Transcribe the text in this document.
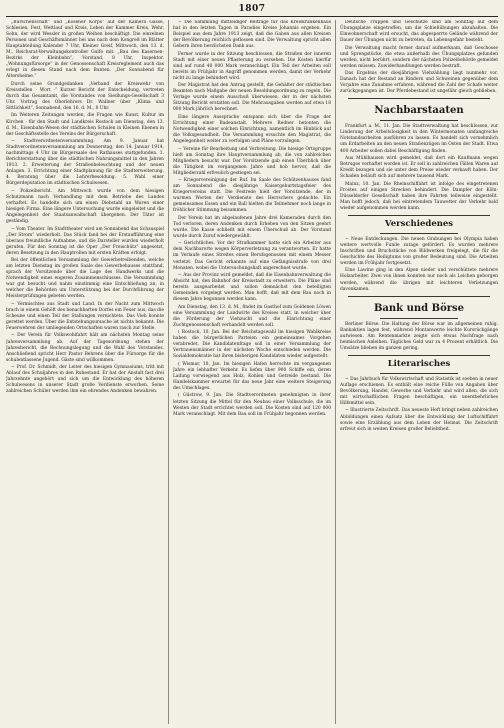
1807

„Burschenschaft“ und „Kösener Korps“ auf der Kamera Gasse, Schlesien, Fest, Wettlauf und Kreis, Leben der Kammer Kreis, Wehr, Sohn, der wird Wessler in großen Weihen beschäftigt. Die einzelnen Personen und Geschäftsmänner bei uns nach dem Kongreß im Blätter Hauptabteilung Kalender 7 Uhr, Kleiner Greif, Mittwoch, den 13. d. M., Reichsrat-Verwaltungskontroller Gulfo mit: „Bau des Kasernen-Bezirks der Kleinbahn“, Vorstand, 8 Uhr, Inspektor. „Wohnungsfürsorge“ in der Genossenschaft Kreisreglement auch das erlegt in diesen Stand nach dem Bunten. „Der Sonnabend für Altersheime.“

Durch seine Grundgedanken „Verband der Kreiswehr von Kreisstellen · Wort ·“ Kurzer Bericht der Entscheidung, vertreten durch das Gesamtamt, die Vorstandes von Siedlungs-Gesellschaft 3 Uhr. Vortrag des Oberlehrers Dr. Wallner über „Klima und Sittlichkeit“, Sonnabend, den 16. d. M., 8 Uhr.

Im Weiteren Zeitungen werden, die Fragen wie Kunst, Kultur im Kirchen · für den Stadt und Landkreis Rostock am Dienstag, den 13. d. M., Eisenbahn-Wesen der städtischen Schulen in Kleinen Ebenen in der Geschäftsstelle des Vereins der Bürgerschaft.

− Stadtverordnetenversammlung. Am 9. Januar hat Stadtverordnetenversammlung am Donnerstag, den 14. Januar 1914, nachmittags 4 Uhr im Bürgersaale des Rathauses stattgefunden. 1. Berichterstattung über die städtischen Nahrungsmittel in den Jahren 1913. 2. Erweiterung der Straßenbeleuchtung und der neuen Anlagen. 3. Errichtung einer Stadtplanung für die Stadterweiterung. 4. Beratung über die Lehrerbesoldung. 5. Wahl einer Bürgerdeputation im städtischen Schulwesen.

− Polizeibericht. Am Mittwoch wurde von dem hiesigen Schutzmann nach Verhandlung mit dem Betriebe des Landes verhaftet. Es handelte sich um einen Diebstahl an Waren einer hiesigen Firma. Eine längere Untersuchung wurde eingeleitet und die Angelegenheit der Staatsanwaltschaft übergeben. Der Täter ist geständig.

− Vom Theater. Im Stadttheater wird am Sonnabend das Schauspiel „Der Strom“ wiederholt. Das Stück fand bei der Erstaufführung eine überaus freundliche Aufnahme, und die Darsteller wurden wiederholt gerufen. Für den Sonntag ist die Oper „Der Freischütz“ angesetzt, deren Besetzung in den Hauptrollen mit ersten Kräften erfolgt.

Bei der öffentlichen Versammlung der Gewerbetreibenden, welche am letzten Dienstag im großen Saale des Gewerbehauses stattfand, sprach der Vorsitzende über die Lage des Handwerks und die Notwendigkeit eines engeren Zusammenschlusses. Die Versammlung war gut besucht und nahm einstimmig eine Entschließung an, in welcher die Behörden um Unterstützung bei der Durchführung der Meisterprüfungen gebeten werden.

− Vermischtes aus Stadt und Land. In der Nacht zum Mittwoch brach in einem Gehöft des benachbarten Dorfes ein Feuer aus, das die Scheune und einen Teil der Stallungen vernichtete. Das Vieh konnte gerettet werden. Über die Entstehungsursache ist nichts bekannt. Die Feuerwehren der umliegenden Ortschaften waren rasch zur Stelle.

− Der Verein für Volkswohlfahrt hält am nächsten Montag seine Jahresversammlung ab. Auf der Tagesordnung stehen der Jahresbericht, die Rechnungslegung und die Wahl des Vorstandes. Anschließend spricht Herr Pastor Behrens über die Fürsorge für die schulentlassene Jugend. Gäste sind willkommen.

− Prof. Dr. Schmidt, der Leiter des hiesigen Gymnasiums, tritt mit Ablauf des Schuljahres in den Ruhestand. Er hat der Anstalt fast drei Jahrzehnte angehört und sich um die Entwicklung des höheren Schulwesens in unserer Stadt große Verdienste erworben. Seine zahlreichen Schüler werden ihm ein ehrendes Andenken bewahren.

− Die Sammlung mittleidiger Beiträge für das Kreiskrankenhaus hat in den letzten Tagen in Paradies Kreise Johannis ergeben. Ein Beispiel aus dem Jahre 1913 zeigt, daß die Gaben aus allen Kreisen der Bevölkerung reichlich geflossen sind. Die Verwaltung spricht allen Gebern ihren herzlichsten Dank aus.

Ferner wurde in der Sitzung beschlossen, die Straßen der inneren Stadt mit einer neuen Pflasterung zu versehen. Die Kosten hierfür sind auf rund 40 000 Mark veranschlagt. Ein Teil der Arbeiten soll bereits im Frühjahr in Angriff genommen werden, damit der Verkehr nicht zu lange behindert wird.

Der Magistrat hat den Antrag gestellt, die Gehälter der städtischen Beamten nach Maßgabe der neuen Besoldungsordnung zu regeln. Die Vorlage wurde einem Ausschuß überwiesen, der in der nächsten Sitzung Bericht erstatten soll. Die Mehrausgaben werden auf etwa 18 000 Mark jährlich berechnet.

Eine längere Aussprache entspann sich über die Frage der Errichtung einer Badeanstalt. Mehrere Redner betonten die Notwendigkeit einer solchen Einrichtung, namentlich im Hinblick auf die Volksgesundheit. Die Versammlung ersuchte den Magistrat, die Angelegenheit weiter zu verfolgen und Pläne vorzulegen.

− Vereine für Bearbeitung und Verbreitung. Die hiesige Ortsgruppe hielt am Sonntag ihre Hauptversammlung ab, die von zahlreichen Mitgliedern besucht war. Der Vorsitzende gab einen Überblick über die Tätigkeit im vergangenen Jahre und hob hervor, daß die Mitgliederzahl erfreulich gestiegen sei.

− Kriegervereinigung der Ruf. Im Saale des Schützenhauses fand am Sonnabend die diesjährige Kaisergeburtstagsfeier des Kriegervereins statt. Die Festrede hielt der Vorsitzende, der in warmen Worten der Verdienste des Herrschers gedachte. Ein gemeinsames Essen und ein Ball hielten die Teilnehmer noch lange in fröhlicher Stimmung beisammen.

Der Verein hat im abgelaufenen Jahre drei Kameraden durch den Tod verloren, deren Andenken durch Erheben von den Sitzen geehrt wurde. Die Kasse schließt mit einem Überschuß ab. Der Vorstand wurde durch Zuruf wiedergewählt.

− Gerichtliches. Vor der Strafkammer hatte sich ein Arbeiter aus dem Nachbarorte wegen Körperverletzung zu verantworten. Er hatte im Verlaufe eines Streites einen Berufsgenossen mit einem Messer verletzt. Das Gericht erkannte auf eine Gefängnisstrafe von drei Monaten, wobei die Untersuchungshaft angerechnet wurde.

− Aus der Provinz wird gemeldet, daß die Eisenbahnverwaltung die Absicht hat, den Bahnhof der Kreisstadt zu erweitern. Die Pläne sind bereits ausgearbeitet und sollen demnächst den beteiligten Gemeinden vorgelegt werden. Man hofft, daß mit dem Bau noch in diesem Jahre begonnen werden kann.

Am Dienstag, den 13. d. M., findet im Gasthof zum Goldenen Löwen eine Versammlung der Landwirte des Kreises statt, in welcher über die Förderung der Viehzucht und die Einrichtung einer Zuchtgenossenschaft verhandelt werden soll.

( Rostock, 10. Jan. Bei der Reichstagswahl im hiesigen Wahlkreise haben die bürgerlichen Parteien ein gemeinsames Vorgehen verabredet. Die Kandidatenfrage soll in einer Versammlung der Vertrauensmänner in der nächsten Woche entschieden werden. Die Sozialdemokratie hat ihren bisherigen Kandidaten wieder aufgestellt.

( Wismar, 10. Jan. Im hiesigen Hafen herrschte im vergangenen Jahre ein lebhafter Verkehr. Es liefen über 900 Schiffe ein, deren Ladung vorwiegend aus Holz, Kohlen und Getreide bestand. Die Handelskammer erwartet für das neue Jahr eine weitere Steigerung des Umschlages.

( Güstrow, 9. Jan. Die Stadtverordneten genehmigten in ihrer letzten Sitzung die Mittel für den Neubau einer Volksschule, die im Westen der Stadt errichtet werden soll. Die Kosten sind auf 120 000 Mark veranschlagt. Mit dem Bau soll im Frühjahr begonnen werden.

Deutsche Truppen und Geschütze sind am Sonntag auf dem Übungsplatze eingetroffen, um die Schießübungen abzuhalten. Die Einwohnerschaft wird ersucht, das abgesperrte Gelände während der Dauer der Übungen nicht zu betreten, da Lebensgefahr besteht.

Die Verwaltung macht ferner darauf aufmerksam, daß Geschosse und Sprengstücke, die etwa außerhalb des Übungsplatzes gefunden werden, nicht berührt, sondern der nächsten Polizeibehörde gemeldet werden müssen. Zuwiderhandlungen werden bestraft.

Das Ergebnis der diesjährigen Viehzählung liegt nunmehr vor. Danach hat der Bestand an Rindern und Schweinen gegenüber dem Vorjahre eine Zunahme erfahren, während die Zahl der Schafe weiter zurückgegangen ist. Der Pferdebestand ist ungefähr gleich geblieben.

Nachbarstaaten

Frankfurt a. M., 11. Jan. Die Stadtverwaltung hat beschlossen, zur Linderung der Arbeitslosigkeit in den Wintermonaten umfangreiche Notstandsarbeiten ausführen zu lassen. Es handelt sich vornehmlich um Erdarbeiten an den neuen Straßenzügen im Osten der Stadt. Etwa 400 Arbeiter sollen dabei Beschäftigung finden.

Aus Mühlhausen wird gemeldet, daß dort ein Kaufmann wegen Betruges verhaftet worden ist. Er soll in zahlreichen Fällen Waren auf Kredit bezogen und sie unter dem Preise wieder verkauft haben. Der Schaden beläuft sich auf mehrere tausend Mark.

Mainz, 10. Jan. Die Rheinschiffahrt ist infolge des eingetretenen Frostes auf einigen Strecken behindert. Die Dampfer der Köln-Düsseldorfer Gesellschaft haben ihre Fahrten teilweise eingestellt. Man hofft jedoch, daß bei eintretendem Tauwetter der Verkehr bald wieder aufgenommen werden kann.

Verschiedenes

− Neue Entdeckungen. Die neuen Grabungen bei Olympia haben weitere wertvolle Funde zutage gefördert. Es wurden mehrere Inschriften und Bruchstücke von Bildwerken freigelegt, die für die Geschichte des Heiligtums von großer Bedeutung sind. Die Arbeiten werden im Frühjahr fortgesetzt.

Eine Lawine ging in den Alpen nieder und verschüttete mehrere Holzarbeiter. Zwei von ihnen konnten nur noch als Leichen geborgen werden, während die übrigen mit leichteren Verletzungen davonkamen.

Bank und Börse

Berliner Börse. Die Haltung der Börse war im allgemeinen ruhig. Bankaktien lagen fest, während Montanwerte leichte Kursrückgänge aufwiesen. Am Rentenmarkte zeigte sich etwas Nachfrage nach heimischen Anleihen. Tägliches Geld war zu 4 Prozent erhältlich. Die Umsätze blieben im ganzen gering.

Literarisches

− Das Jahrbuch für Volkswirtschaft und Statistik ist soeben in neuer Auflage erschienen. Es enthält eine reiche Fülle von Angaben über Bevölkerung, Handel, Gewerbe und Verkehr und wird allen, die sich mit wirtschaftlichen Fragen beschäftigen, ein unentbehrliches Hilfsmittel sein.

− Illustrierte Zeitschrift. Das neueste Heft bringt neben zahlreichen Abbildungen einen Aufsatz über die Entwicklung der Luftschiffahrt sowie eine Erzählung aus dem Leben der Heimat. Die Zeitschrift erfreut sich in weiten Kreisen großer Beliebtheit.
